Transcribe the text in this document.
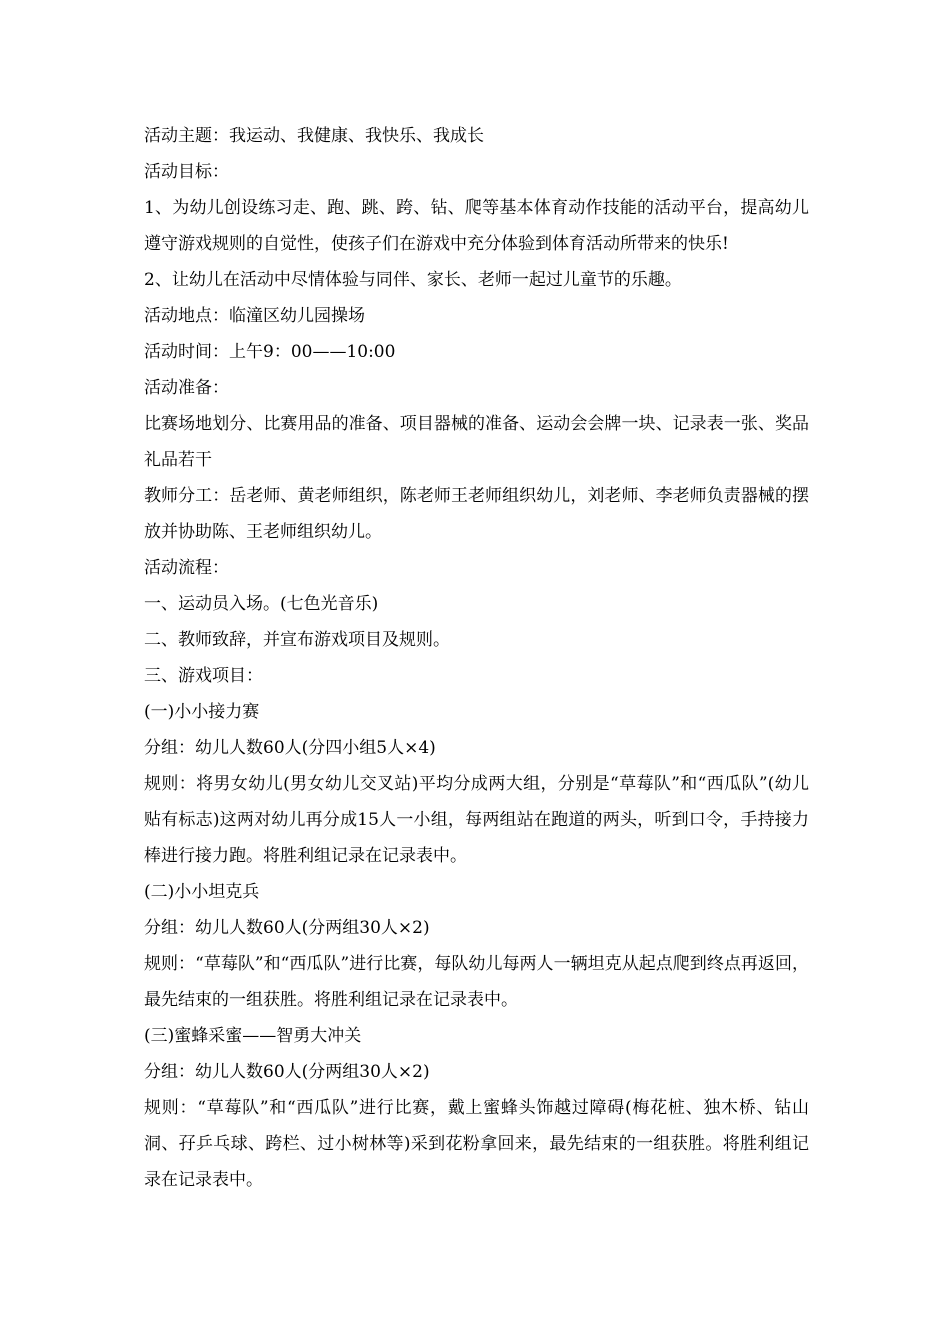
活动主题：我运动、我健康、我快乐、我成长

活动目标：

1、为幼儿创设练习走、跑、跳、跨、钻、爬等基本体育动作技能的活动平台，提高幼儿遵守游戏规则的自觉性，使孩子们在游戏中充分体验到体育活动所带来的快乐!

2、让幼儿在活动中尽情体验与同伴、家长、老师一起过儿童节的乐趣。

活动地点：临潼区幼儿园操场

活动时间：上午9：00——10:00

活动准备：

比赛场地划分、比赛用品的准备、项目器械的准备、运动会会牌一块、记录表一张、奖品礼品若干

教师分工：岳老师、黄老师组织，陈老师王老师组织幼儿，刘老师、李老师负责器械的摆放并协助陈、王老师组织幼儿。

活动流程：

一、运动员入场。(七色光音乐)

二、教师致辞，并宣布游戏项目及规则。

三、游戏项目：

(一)小小接力赛

分组：幼儿人数60人(分四小组5人×4)

规则：将男女幼儿(男女幼儿交叉站)平均分成两大组，分别是“草莓队”和“西瓜队”(幼儿贴有标志)这两对幼儿再分成15人一小组，每两组站在跑道的两头，听到口令，手持接力棒进行接力跑。将胜利组记录在记录表中。

(二)小小坦克兵

分组：幼儿人数60人(分两组30人×2)

规则：“草莓队”和“西瓜队”进行比赛，每队幼儿每两人一辆坦克从起点爬到终点再返回，最先结束的一组获胜。将胜利组记录在记录表中。

(三)蜜蜂采蜜——智勇大冲关

分组：幼儿人数60人(分两组30人×2)

规则：“草莓队”和“西瓜队”进行比赛，戴上蜜蜂头饰越过障碍(梅花桩、独木桥、钻山洞、孖乒乓球、跨栏、过小树林等)采到花粉拿回来，最先结束的一组获胜。将胜利组记录在记录表中。
